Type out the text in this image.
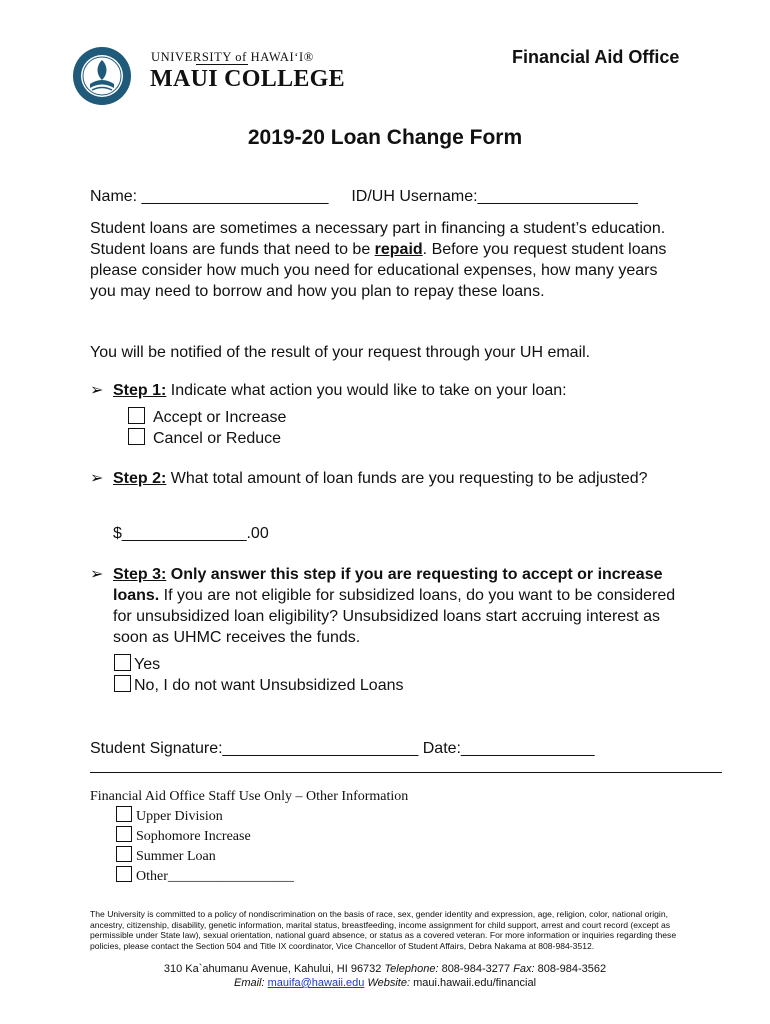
UNIVERSITY of HAWAI‘I®
MAUI COLLEGE
Financial Aid Office
2019-20 Loan Change Form
Name: _____________________ ID/UH Username:__________________
Student loans are sometimes a necessary part in financing a student’s education. Student loans are funds that need to be repaid. Before you request student loans please consider how much you need for educational expenses, how many years you may need to borrow and how you plan to repay these loans.
You will be notified of the result of your request through your UH email.
➢ Step 1: Indicate what action you would like to take on your loan:
Accept or Increase
Cancel or Reduce
➢ Step 2: What total amount of loan funds are you requesting to be adjusted?
$______________.00
➢ Step 3: Only answer this step if you are requesting to accept or increase loans. If you are not eligible for subsidized loans, do you want to be considered for unsubsidized loan eligibility? Unsubsidized loans start accruing interest as soon as UHMC receives the funds.
Yes
No, I do not want Unsubsidized Loans
Student Signature:______________________ Date:_______________
Financial Aid Office Staff Use Only – Other Information
Upper Division
Sophomore Increase
Summer Loan
Other__________________
The University is committed to a policy of nondiscrimination on the basis of race, sex, gender identity and expression, age, religion, color, national origin, ancestry, citizenship, disability, genetic information, marital status, breastfeeding, income assignment for child support, arrest and court record (except as permissible under State law), sexual orientation, national guard absence, or status as a covered veteran. For more information or inquiries regarding these policies, please contact the Section 504 and Title IX coordinator, Vice Chancellor of Student Affairs, Debra Nakama at 808-984-3512.
310 Ka`ahumanu Avenue, Kahului, HI 96732 Telephone: 808-984-3277 Fax: 808-984-3562
Email: mauifa@hawaii.edu Website: maui.hawaii.edu/financial
